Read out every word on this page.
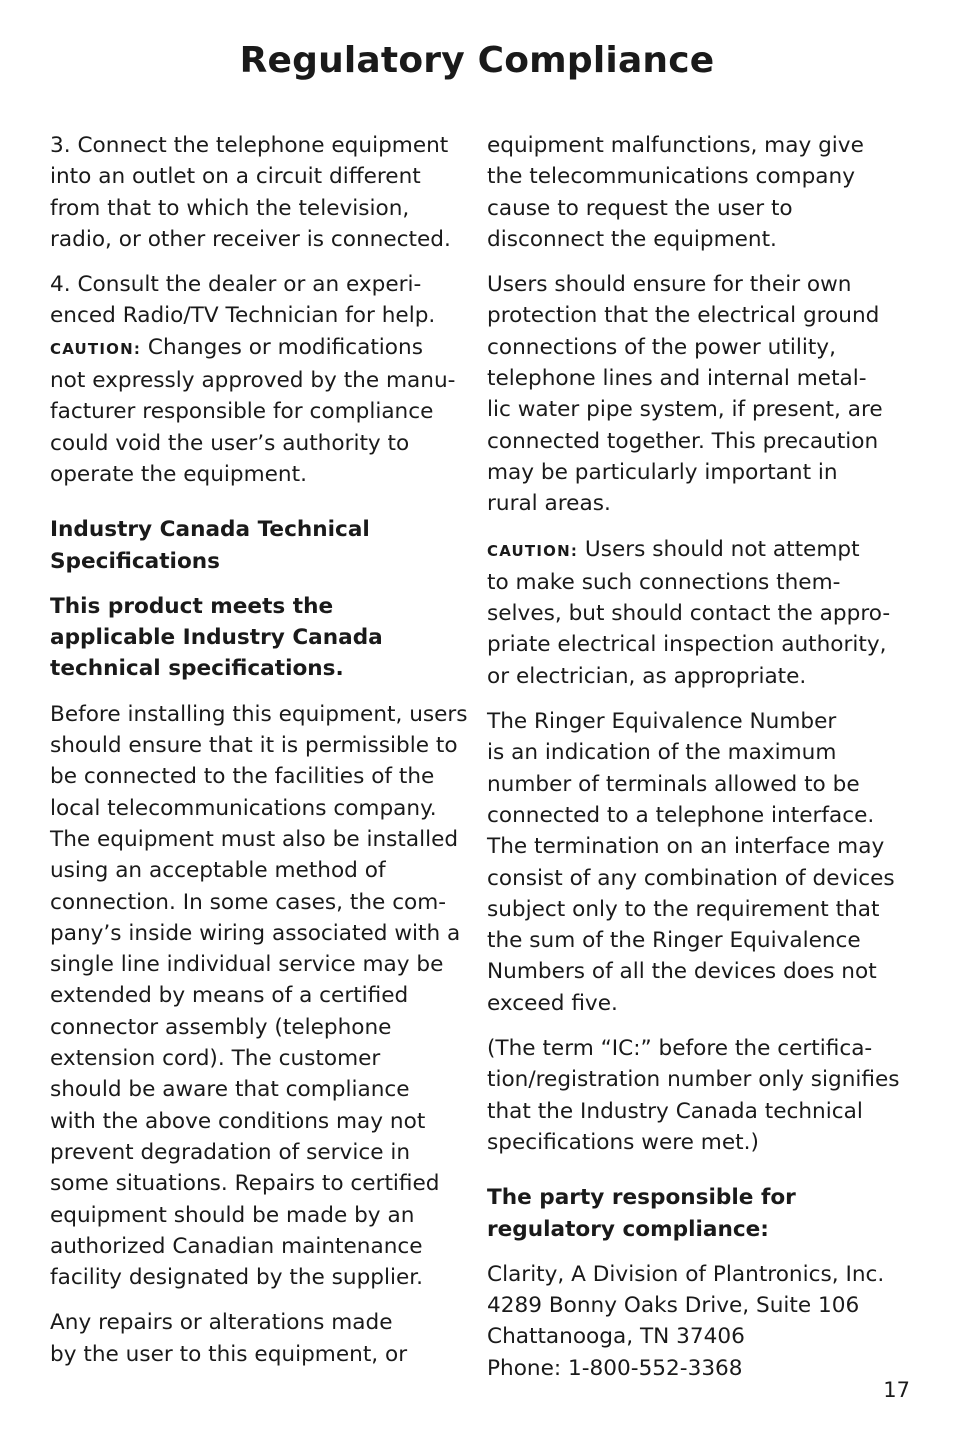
Regulatory Compliance

3. Connect the telephone equipment

into an outlet on a circuit different

from that to which the television,

radio, or other receiver is connected.

4. Consult the dealer or an experi-

enced Radio/TV Technician for help.

CAUTION: Changes or modifications

not expressly approved by the manu-

facturer responsible for compliance

could void the user’s authority to

operate the equipment.

Industry Canada Technical

Specifications

This product meets the

applicable Industry Canada

technical specifications.

Before installing this equipment, users

should ensure that it is permissible to

be connected to the facilities of the

local telecommunications company.

The equipment must also be installed

using an acceptable method of

connection. In some cases, the com-

pany’s inside wiring associated with a

single line individual service may be

extended by means of a certified

connector assembly (telephone

extension cord). The customer

should be aware that compliance

with the above conditions may not

prevent degradation of service in

some situations. Repairs to certified

equipment should be made by an

authorized Canadian maintenance

facility designated by the supplier.

Any repairs or alterations made

by the user to this equipment, or

equipment malfunctions, may give

the telecommunications company

cause to request the user to

disconnect the equipment.

Users should ensure for their own

protection that the electrical ground

connections of the power utility,

telephone lines and internal metal-

lic water pipe system, if present, are

connected together. This precaution

may be particularly important in

rural areas.

CAUTION: Users should not attempt

to make such connections them-

selves, but should contact the appro-

priate electrical inspection authority,

or electrician, as appropriate.

The Ringer Equivalence Number

is an indication of the maximum

number of terminals allowed to be

connected to a telephone interface.

The termination on an interface may

consist of any combination of devices

subject only to the requirement that

the sum of the Ringer Equivalence

Numbers of all the devices does not

exceed five.

(The term “IC:” before the certifica-

tion/registration number only signifies

that the Industry Canada technical

specifications were met.)

The party responsible for

regulatory compliance:

Clarity, A Division of Plantronics, Inc.

4289 Bonny Oaks Drive, Suite 106

Chattanooga, TN 37406

Phone: 1-800-552-3368

17
